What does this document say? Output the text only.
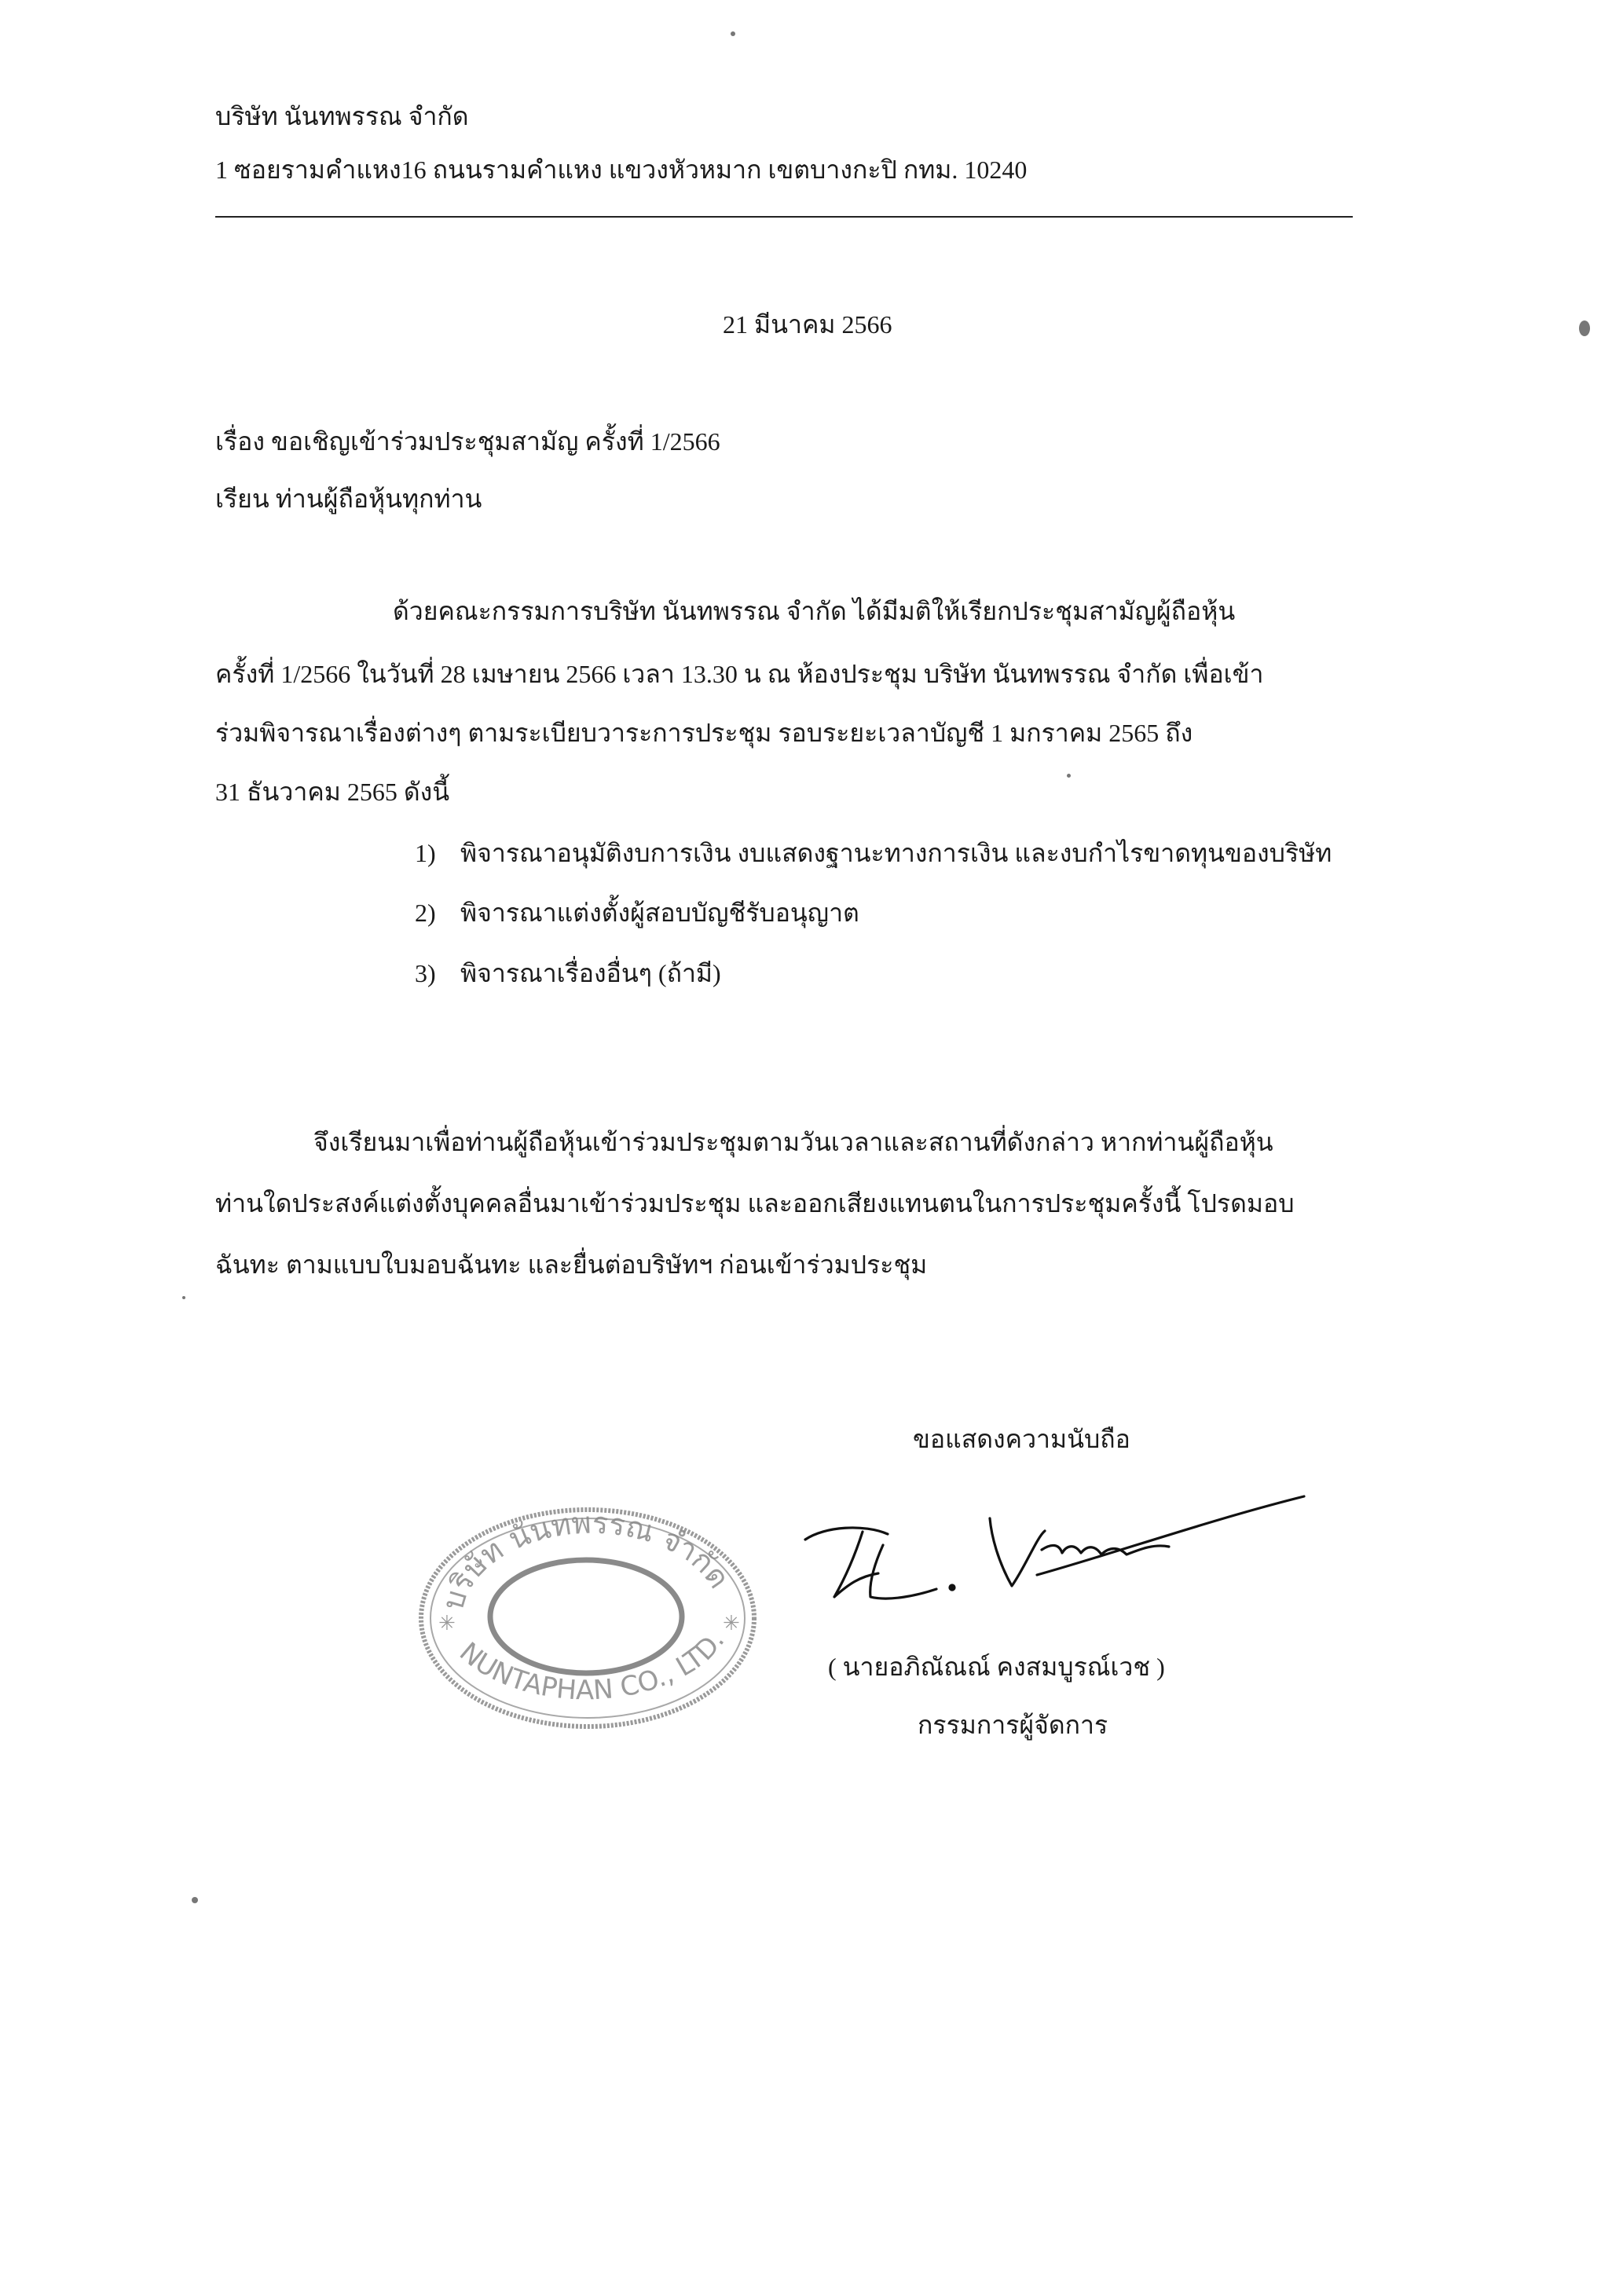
บริษัท นันทพรรณ จำกัด
1 ซอยรามคำแหง16 ถนนรามคำแหง แขวงหัวหมาก เขตบางกะปิ กทม. 10240
21 มีนาคม 2566
เรื่อง ขอเชิญเข้าร่วมประชุมสามัญ ครั้งที่ 1/2566
เรียน ท่านผู้ถือหุ้นทุกท่าน
ด้วยคณะกรรมการบริษัท นันทพรรณ จำกัด ได้มีมติให้เรียกประชุมสามัญผู้ถือหุ้น
ครั้งที่ 1/2566 ในวันที่ 28 เมษายน 2566 เวลา 13.30 น ณ ห้องประชุม บริษัท นันทพรรณ จำกัด เพื่อเข้า
ร่วมพิจารณาเรื่องต่างๆ ตามระเบียบวาระการประชุม รอบระยะเวลาบัญชี 1 มกราคม 2565 ถึง
31 ธันวาคม 2565 ดังนี้
1) พิจารณาอนุมัติงบการเงิน งบแสดงฐานะทางการเงิน และงบกำไรขาดทุนของบริษัท
2) พิจารณาแต่งตั้งผู้สอบบัญชีรับอนุญาต
3) พิจารณาเรื่องอื่นๆ (ถ้ามี)
จึงเรียนมาเพื่อท่านผู้ถือหุ้นเข้าร่วมประชุมตามวันเวลาและสถานที่ดังกล่าว หากท่านผู้ถือหุ้น
ท่านใดประสงค์แต่งตั้งบุคคลอื่นมาเข้าร่วมประชุม และออกเสียงแทนตนในการประชุมครั้งนี้ โปรดมอบ
ฉันทะ ตามแบบใบมอบฉันทะ และยื่นต่อบริษัทฯ ก่อนเข้าร่วมประชุม
ขอแสดงความนับถือ
บริษัท นันทพรรณ จำกัด
NUNTAPHAN CO., LTD.
✳	✳
( นายอภิณัณณ์ คงสมบูรณ์เวช )
กรรมการผู้จัดการ
